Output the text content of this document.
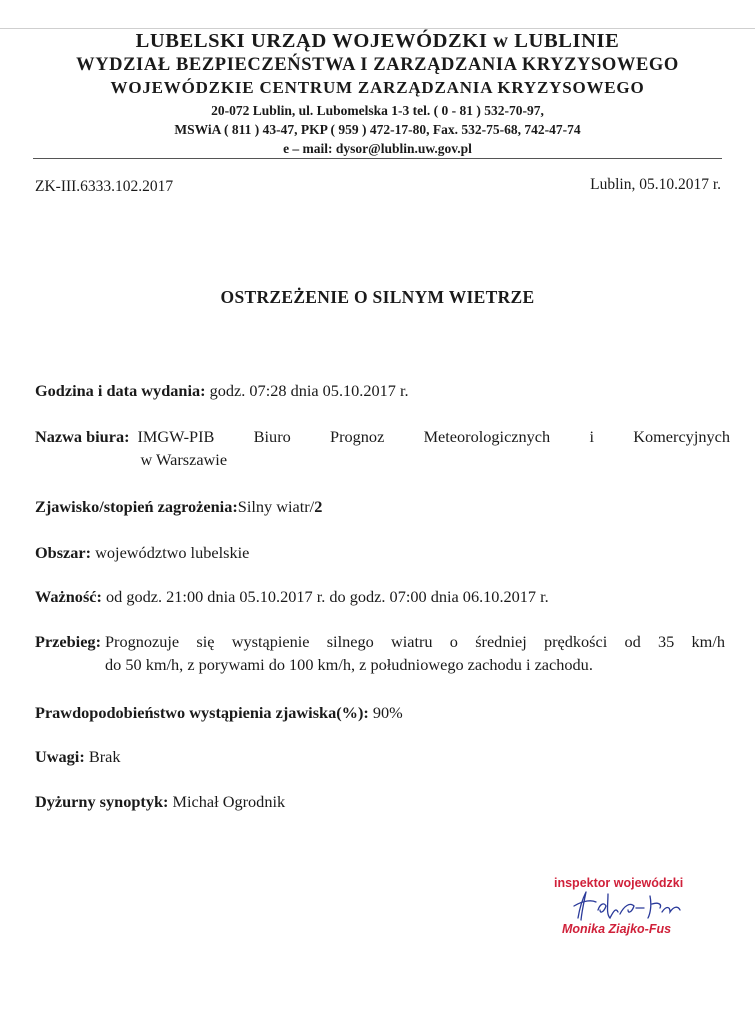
LUBELSKI URZĄD WOJEWÓDZKI w LUBLINIE
WYDZIAŁ BEZPIECZEŃSTWA I ZARZĄDZANIA KRYZYSOWEGO
WOJEWÓDZKIE CENTRUM ZARZĄDZANIA KRYZYSOWEGO
20-072 Lublin, ul. Lubomelska 1-3 tel. ( 0 - 81 ) 532-70-97,
MSWiA ( 811 ) 43-47, PKP ( 959 ) 472-17-80, Fax. 532-75-68, 742-47-74
e – mail: dysor@lublin.uw.gov.pl
ZK-III.6333.102.2017	Lublin, 05.10.2017 r.
OSTRZEŻENIE O SILNYM WIETRZE
Godzina i data wydania: godz. 07:28 dnia 05.10.2017 r.
Nazwa biura: IMGW-PIB Biuro Prognoz Meteorologicznych i Komercyjnych
w Warszawie
Zjawisko/stopień zagrożenia:Silny wiatr/2
Obszar: województwo lubelskie
Ważność: od godz. 21:00 dnia 05.10.2017 r. do godz. 07:00 dnia 06.10.2017 r.
Przebieg: Prognozuje się wystąpienie silnego wiatru o średniej prędkości od 35 km/h
do 50 km/h, z porywami do 100 km/h, z południowego zachodu i zachodu.
Prawdopodobieństwo wystąpienia zjawiska(%): 90%
Uwagi: Brak
Dyżurny synoptyk: Michał Ogrodnik
inspektor wojewódzki
Monika Ziajko-Fus
